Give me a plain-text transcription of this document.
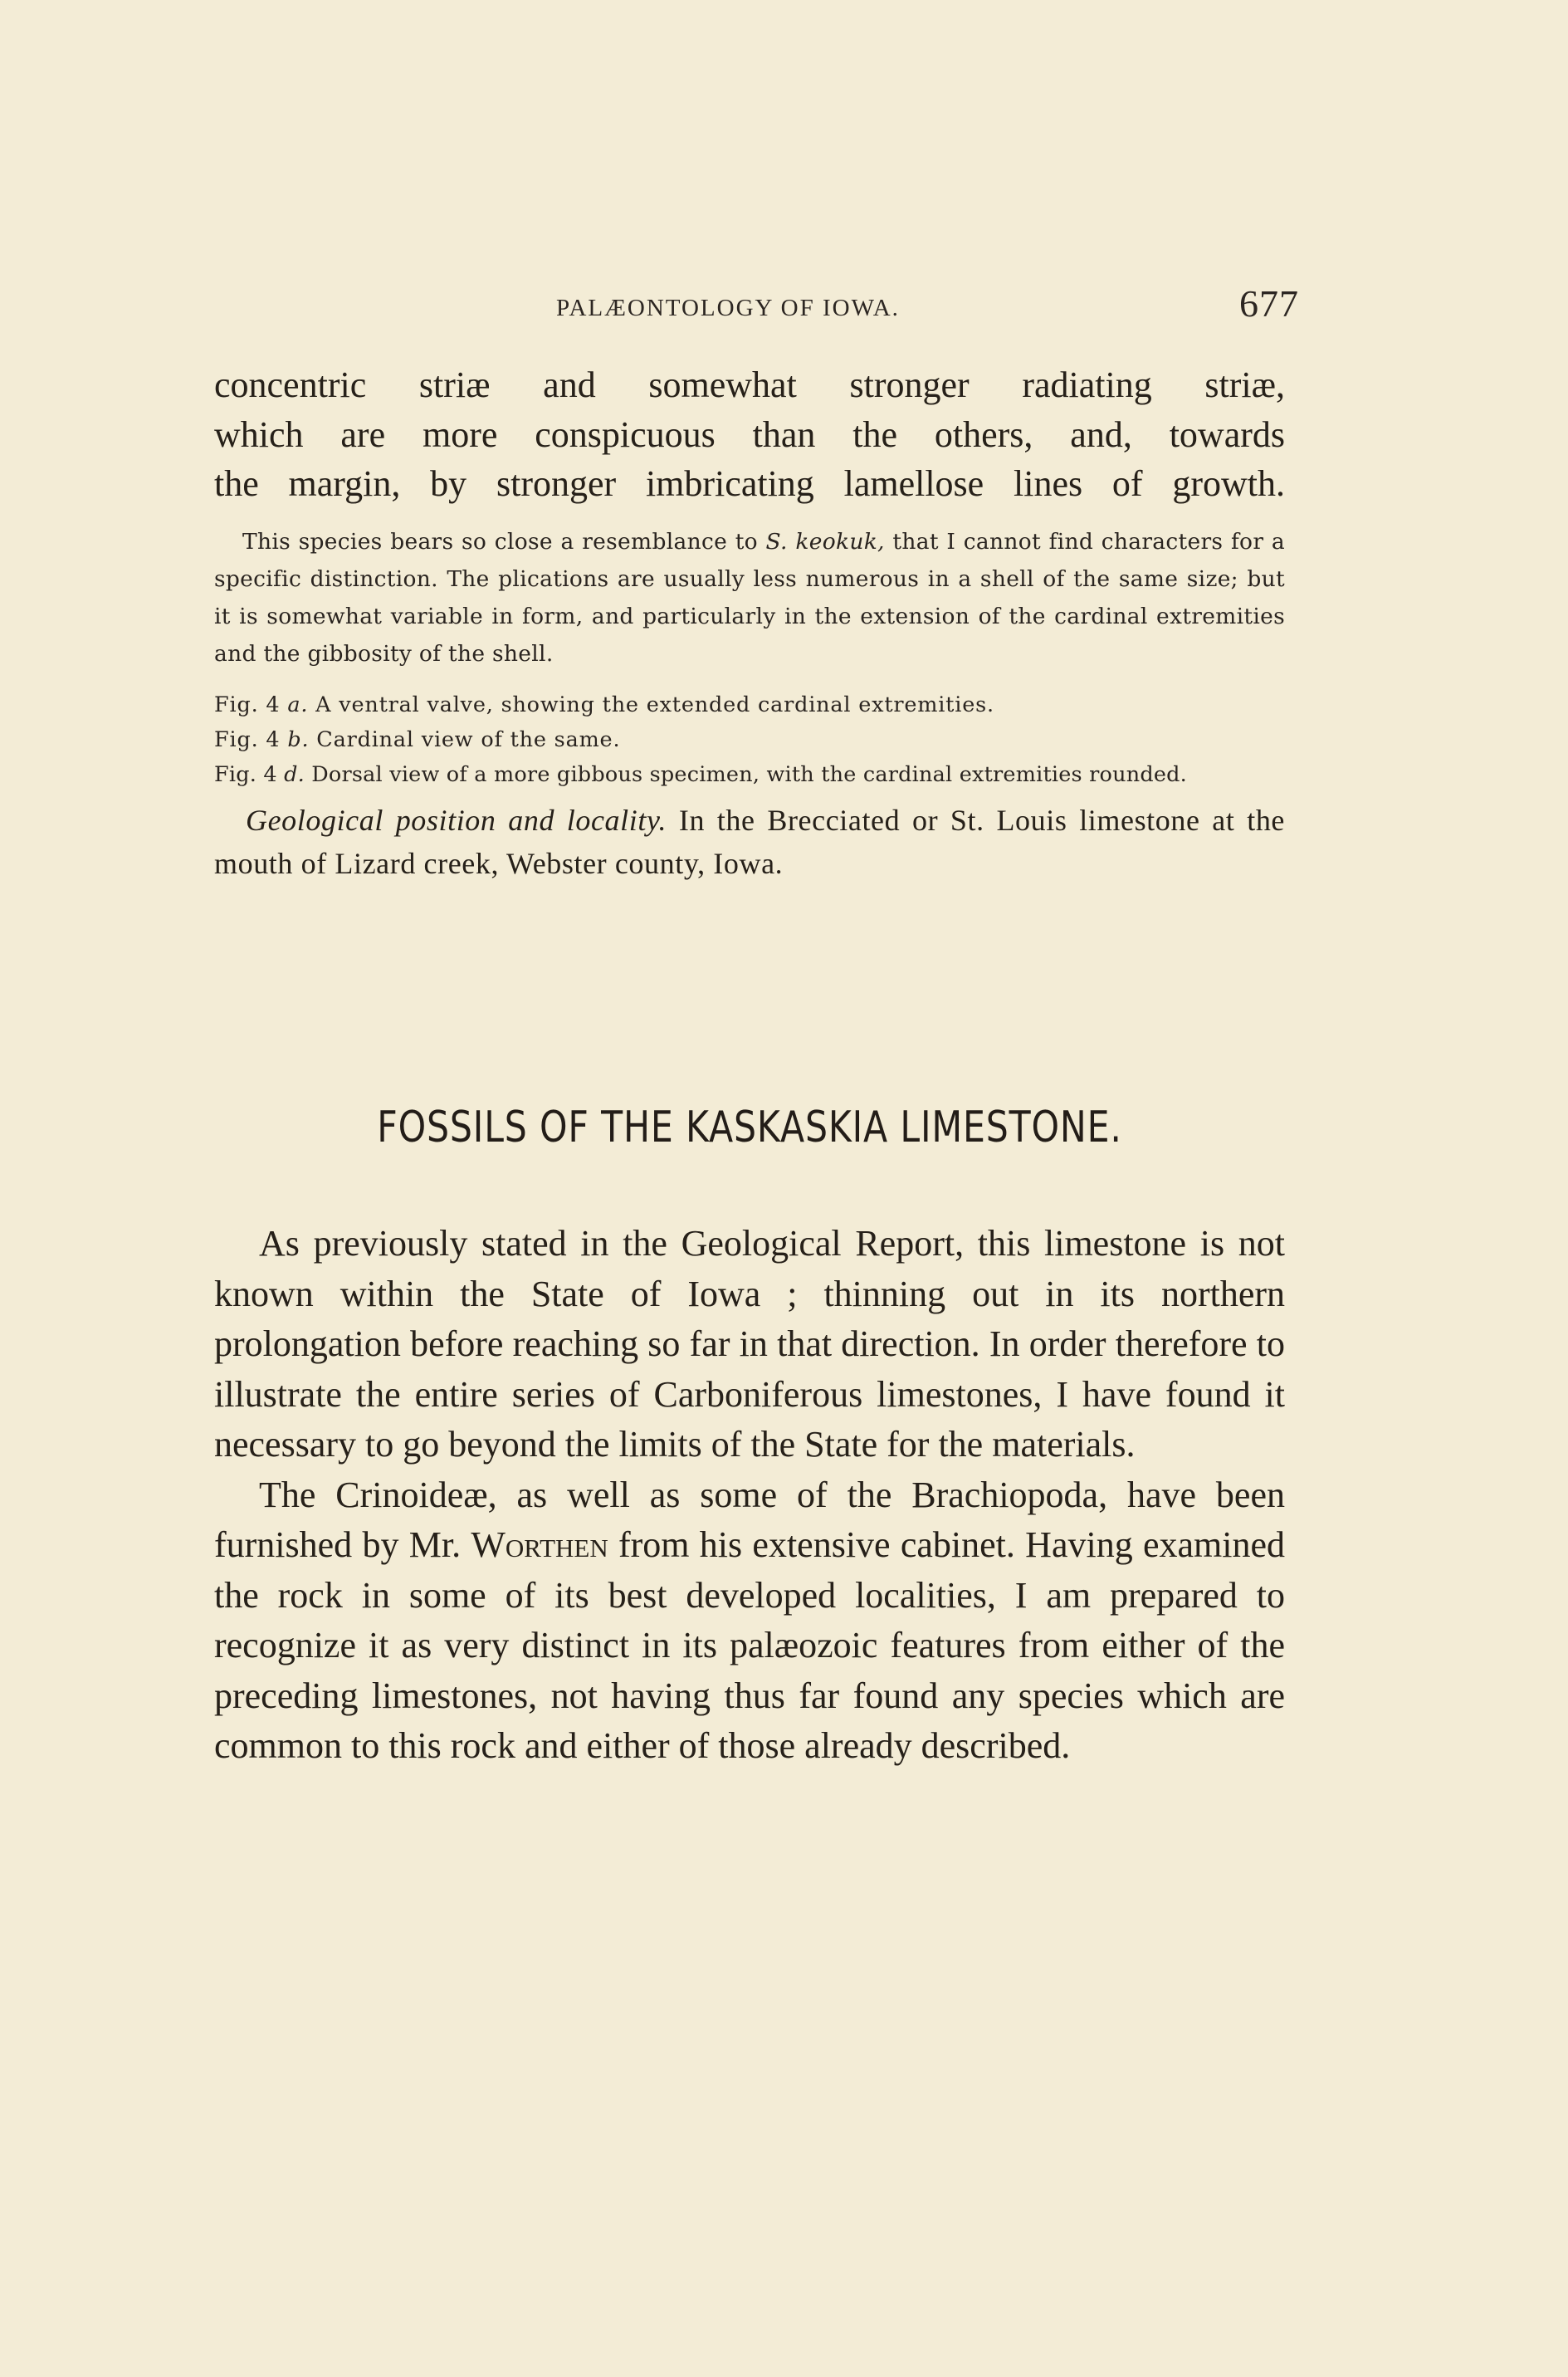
PALÆONTOLOGY OF IOWA.	677
concentric striæ and somewhat stronger radiating striæ,
which are more conspicuous than the others, and, towards
the margin, by stronger imbricating lamellose lines of growth.

This species bears so close a resemblance to S. keokuk, that I cannot find characters for a specific distinction. The plications are usually less numerous in a shell of the same size; but it is somewhat variable in form, and particularly in the extension of the cardinal extremities and the gibbosity of the shell.

Fig. 4 a. A ventral valve, showing the extended cardinal extremities.

Fig. 4 b. Cardinal view of the same.

Fig. 4 d. Dorsal view of a more gibbous specimen, with the cardinal extremities rounded.

Geological position and locality. In the Brecciated or St. Louis limestone at the mouth of Lizard creek, Webster county, Iowa.

FOSSILS OF THE KASKASKIA LIMESTONE.

As previously stated in the Geological Report, this limestone is not known within the State of Iowa ; thinning out in its northern prolongation before reaching so far in that direction. In order therefore to illustrate the entire series of Carboniferous limestones, I have found it necessary to go beyond the limits of the State for the materials.

The Crinoideæ, as well as some of the Brachiopoda, have been furnished by Mr. Worthen from his extensive cabinet. Having examined the rock in some of its best developed localities, I am prepared to recognize it as very distinct in its palæozoic features from either of the preceding limestones, not having thus far found any species which are common to this rock and either of those already described.
